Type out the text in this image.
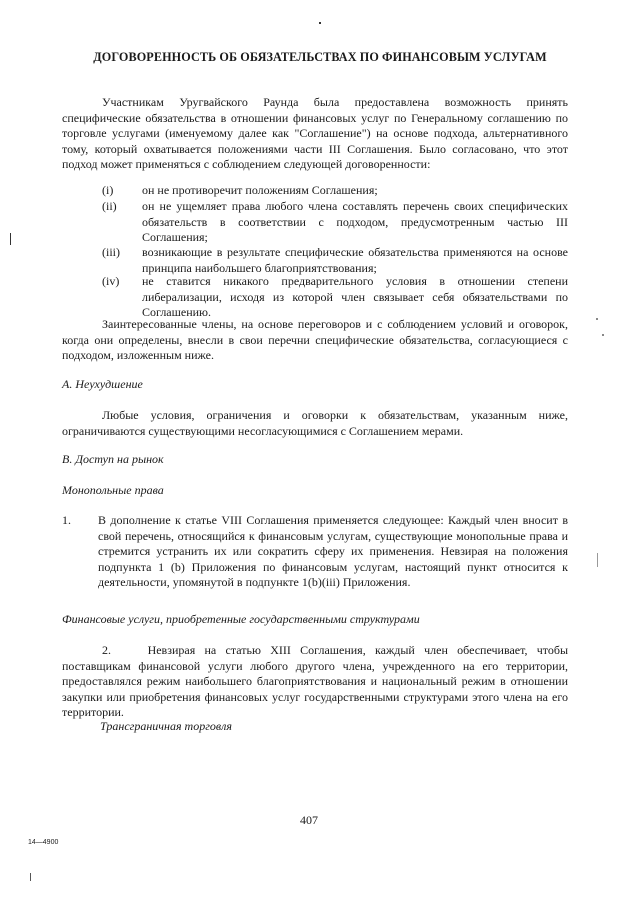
ДОГОВОРЕННОСТЬ ОБ ОБЯЗАТЕЛЬСТВАХ ПО ФИНАНСОВЫМ УСЛУГАМ
Участникам Уругвайского Раунда была предоставлена возможность принять специфические обязательства в отношении финансовых услуг по Генеральному соглашению по торговле услугами (именуемому далее как "Соглашение") на основе подхода, альтернативного тому, который охватывается положениями части III Соглашения. Было согласовано, что этот подход может применяться с соблюдением следующей договоренности:
(i) он не противоречит положениям Соглашения;
(ii) он не ущемляет права любого члена составлять перечень своих специфических обязательств в соответствии с подходом, предусмотренным частью III Соглашения;
(iii) возникающие в результате специфические обязательства применяются на основе принципа наибольшего благоприятствования;
(iv) не ставится никакого предварительного условия в отношении степени либерализации, исходя из которой член связывает себя обязательствами по Соглашению.
Заинтересованные члены, на основе переговоров и с соблюдением условий и оговорок, когда они определены, внесли в свои перечни специфические обязательства, согласующиеся с подходом, изложенным ниже.
А. Неухудшение
Любые условия, ограничения и оговорки к обязательствам, указанным ниже, ограничиваются существующими несогласующимися с Соглашением мерами.
В. Доступ на рынок
Монопольные права
1. В дополнение к статье VIII Соглашения применяется следующее: Каждый член вносит в свой перечень, относящийся к финансовым услугам, существующие монопольные права и стремится устранить их или сократить сферу их применения. Невзирая на положения подпункта 1 (b) Приложения по финансовым услугам, настоящий пункт относится к деятельности, упомянутой в подпункте 1(b)(iii) Приложения.
Финансовые услуги, приобретенные государственными структурами
2.	Невзирая на статью XIII Соглашения, каждый член обеспечивает, чтобы поставщикам финансовой услуги любого другого члена, учрежденного на его территории, предоставлялся режим наибольшего благоприятствования и национальный режим в отношении закупки или приобретения финансовых услуг государственными структурами этого члена на его территории.
Трансграничная торговля
407
14—4900
